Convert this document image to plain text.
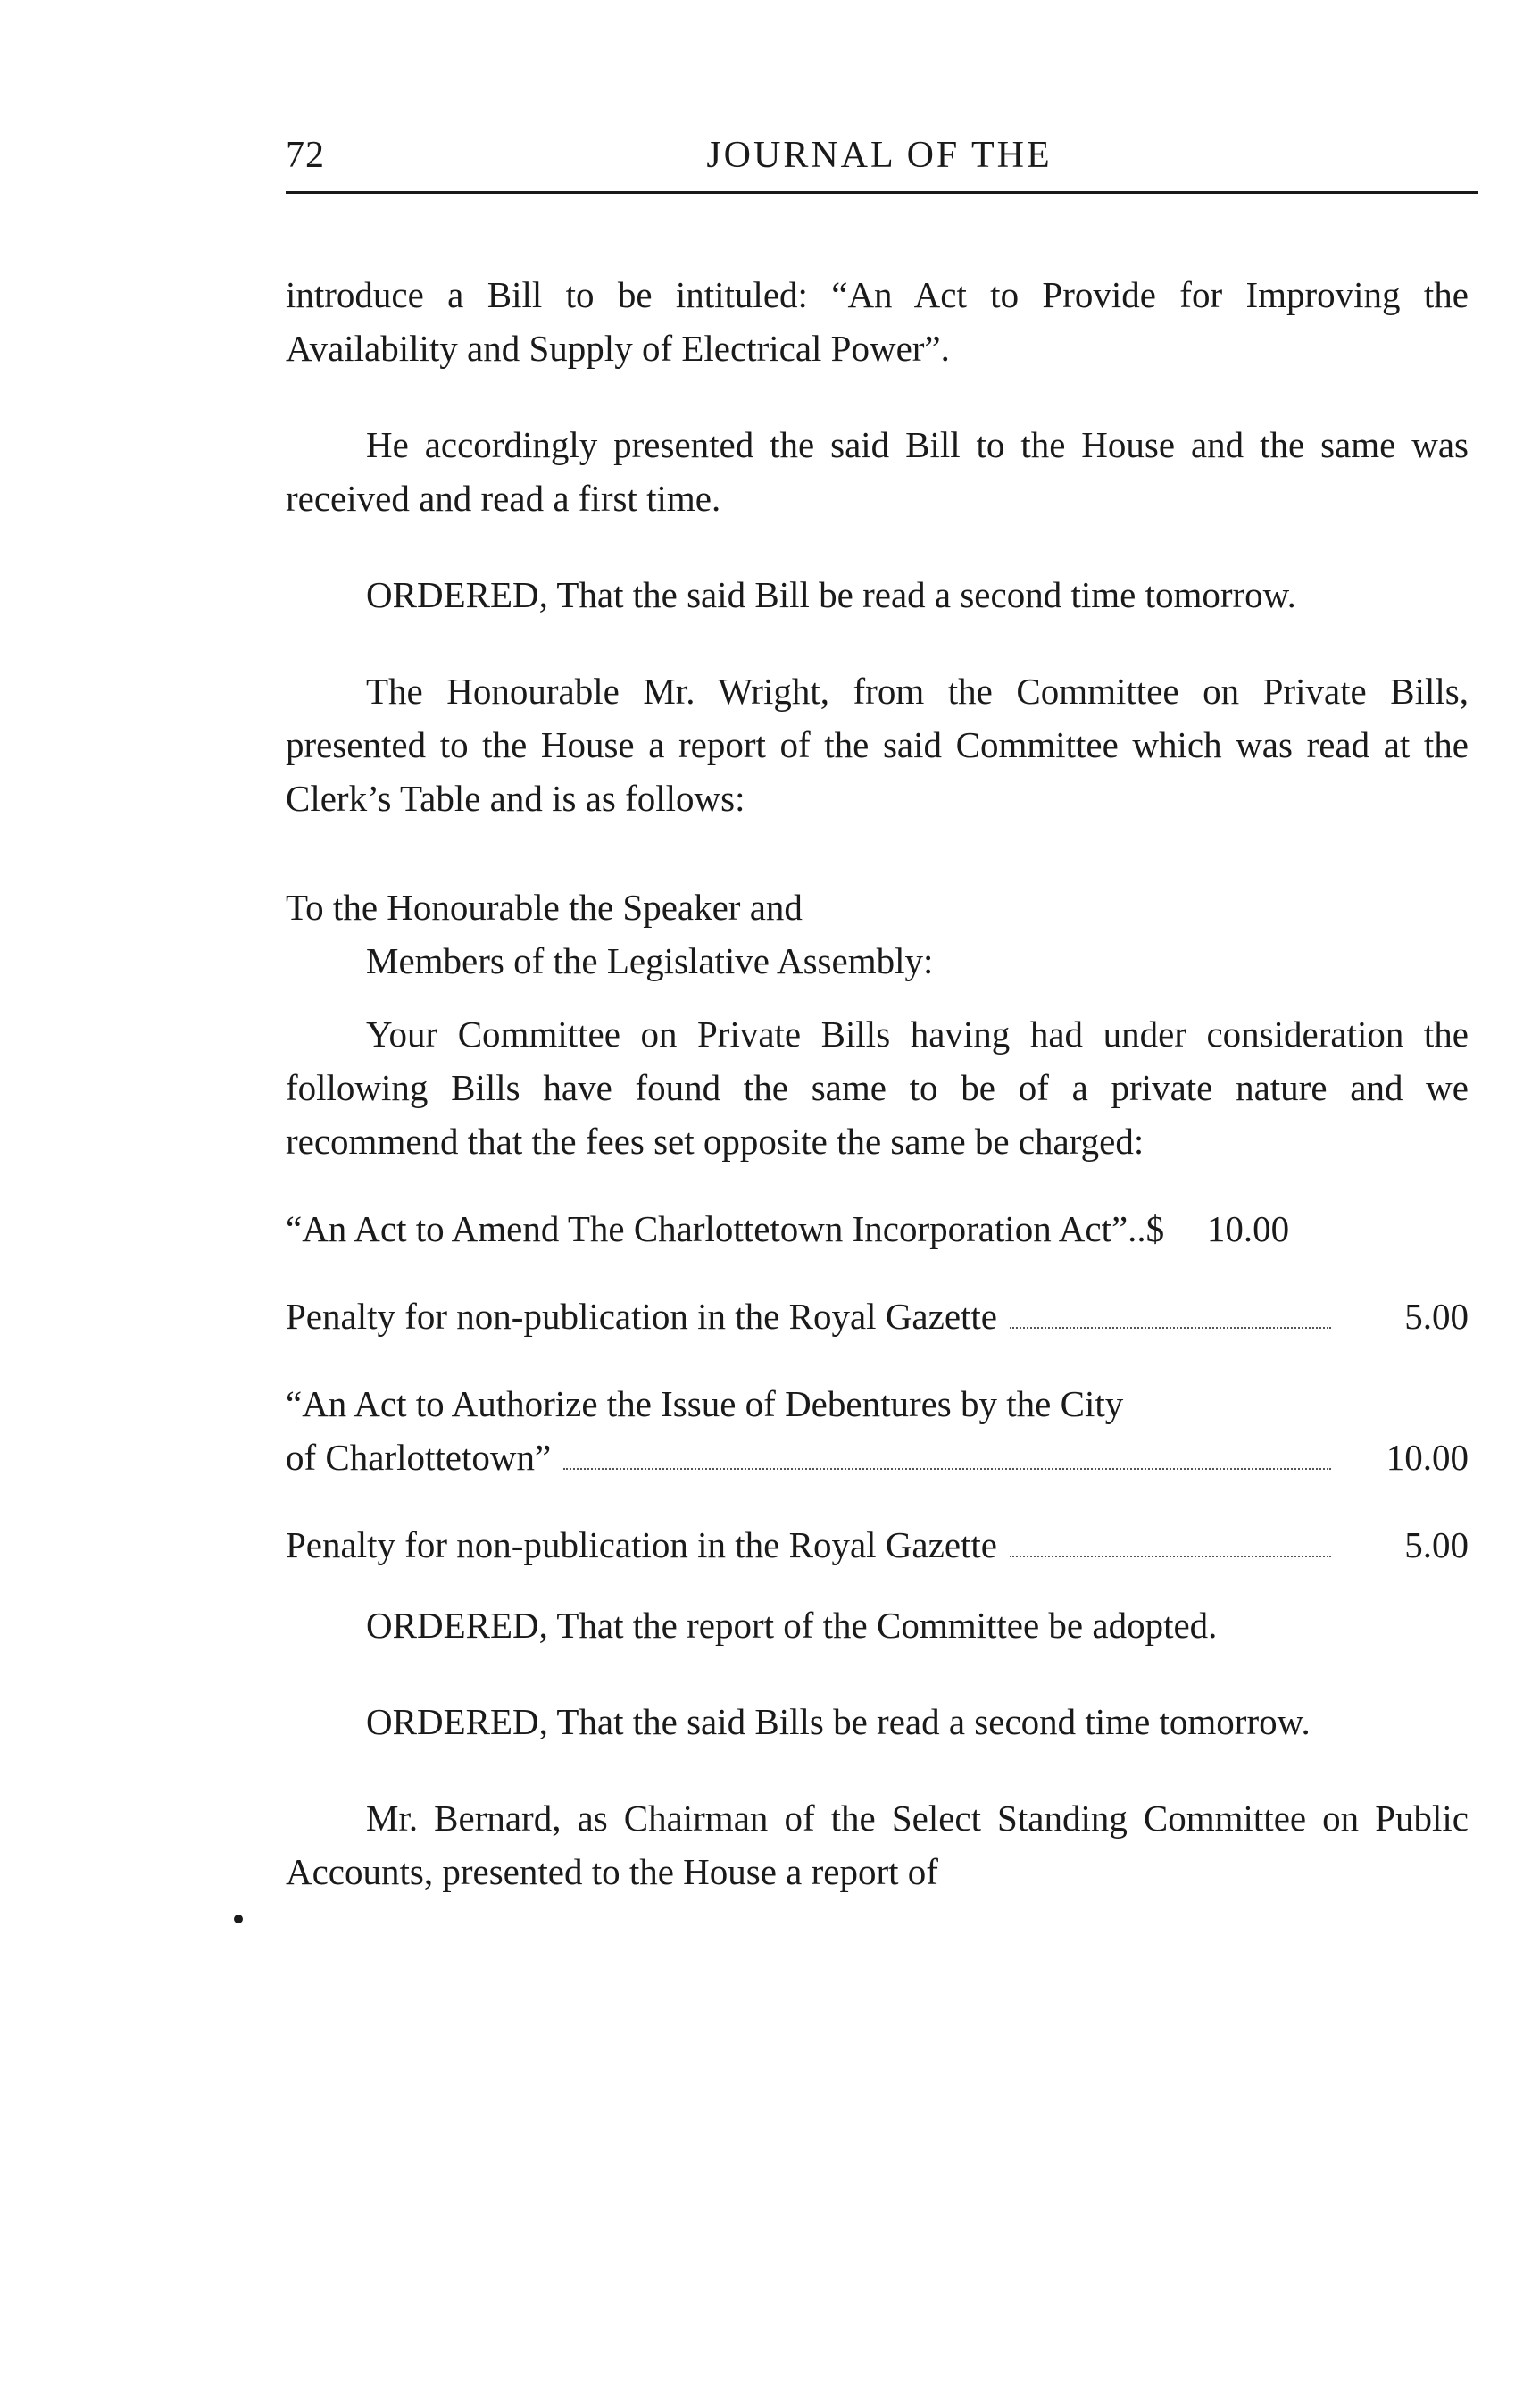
72	JOURNAL OF THE

introduce a Bill to be intituled: “An Act to Provide for Improving the Availability and Supply of Electrical Power”.

He accordingly presented the said Bill to the House and the same was received and read a first time.

ORDERED, That the said Bill be read a second time tomorrow.

The Honourable Mr. Wright, from the Committee on Private Bills, presented to the House a report of the said Committee which was read at the Clerk’s Table and is as follows:

To the Honourable the Speaker and
Members of the Legislative Assembly:

Your Committee on Private Bills having had under consideration the following Bills have found the same to be of a private nature and we recommend that the fees set opposite the same be charged:

“An Act to Amend The Charlottetown Incorporation Act”..$	10.00
Penalty for non-publication in the Royal Gazette	5.00
“An Act to Authorize the Issue of Debentures by the City
of Charlottetown”	10.00
Penalty for non-publication in the Royal Gazette	5.00

ORDERED, That the report of the Committee be adopted.

ORDERED, That the said Bills be read a second time tomorrow.

Mr. Bernard, as Chairman of the Select Standing Committee on Public Accounts, presented to the House a report of
